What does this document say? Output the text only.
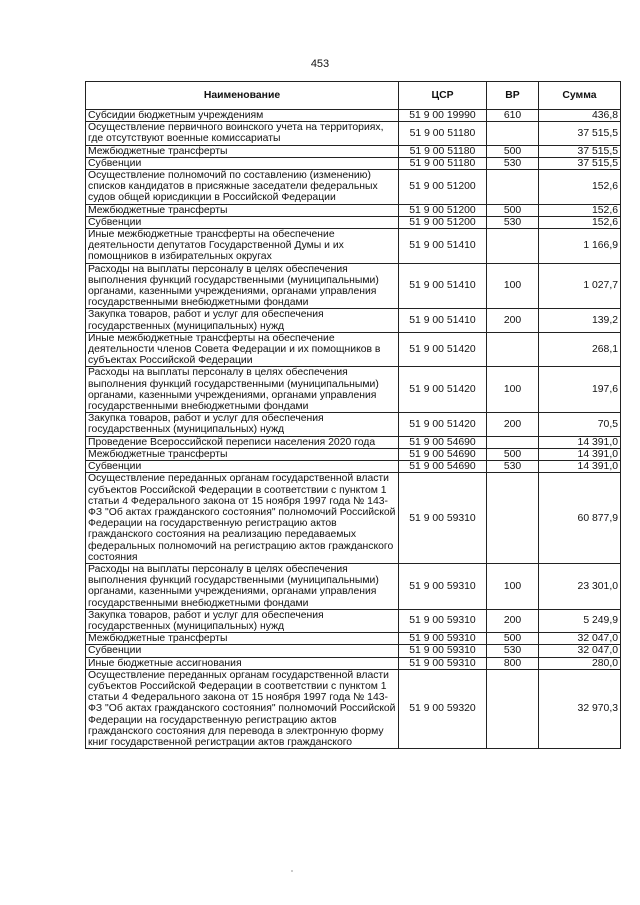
453
Наименование	ЦСР	ВР	Сумма
Субсидии бюджетным учреждениям	51 9 00 19990	610	436,8
Осуществление первичного воинского учета на территориях, где отсутствуют военные комиссариаты	51 9 00 51180		37 515,5
Межбюджетные трансферты	51 9 00 51180	500	37 515,5
Субвенции	51 9 00 51180	530	37 515,5
Осуществление полномочий по составлению (изменению) списков кандидатов в присяжные заседатели федеральных судов общей юрисдикции в Российской Федерации	51 9 00 51200		152,6
Межбюджетные трансферты	51 9 00 51200	500	152,6
Субвенции	51 9 00 51200	530	152,6
Иные межбюджетные трансферты на обеспечение деятельности депутатов Государственной Думы и их помощников в избирательных округах	51 9 00 51410		1 166,9
Расходы на выплаты персоналу в целях обеспечения выполнения функций государственными (муниципальными) органами, казенными учреждениями, органами управления государственными внебюджетными фондами	51 9 00 51410	100	1 027,7
Закупка товаров, работ и услуг для обеспечения государственных (муниципальных) нужд	51 9 00 51410	200	139,2
Иные межбюджетные трансферты на обеспечение деятельности членов Совета Федерации и их помощников в субъектах Российской Федерации	51 9 00 51420		268,1
Расходы на выплаты персоналу в целях обеспечения выполнения функций государственными (муниципальными) органами, казенными учреждениями, органами управления государственными внебюджетными фондами	51 9 00 51420	100	197,6
Закупка товаров, работ и услуг для обеспечения государственных (муниципальных) нужд	51 9 00 51420	200	70,5
Проведение Всероссийской переписи населения 2020 года	51 9 00 54690		14 391,0
Межбюджетные трансферты	51 9 00 54690	500	14 391,0
Субвенции	51 9 00 54690	530	14 391,0
Осуществление переданных органам государственной власти субъектов Российской Федерации в соответствии с пунктом 1 статьи 4 Федерального закона от 15 ноября 1997 года № 143-ФЗ "Об актах гражданского состояния" полномочий Российской Федерации на государственную регистрацию актов гражданского состояния на реализацию передаваемых федеральных полномочий на регистрацию актов гражданского состояния	51 9 00 59310		60 877,9
Расходы на выплаты персоналу в целях обеспечения выполнения функций государственными (муниципальными) органами, казенными учреждениями, органами управления государственными внебюджетными фондами	51 9 00 59310	100	23 301,0
Закупка товаров, работ и услуг для обеспечения государственных (муниципальных) нужд	51 9 00 59310	200	5 249,9
Межбюджетные трансферты	51 9 00 59310	500	32 047,0
Субвенции	51 9 00 59310	530	32 047,0
Иные бюджетные ассигнования	51 9 00 59310	800	280,0
Осуществление переданных органам государственной власти субъектов Российской Федерации в соответствии с пунктом 1 статьи 4 Федерального закона от 15 ноября 1997 года № 143-ФЗ "Об актах гражданского состояния" полномочий Российской Федерации на государственную регистрацию актов гражданского состояния для перевода в электронную форму книг государственной регистрации актов гражданского	51 9 00 59320		32 970,3
